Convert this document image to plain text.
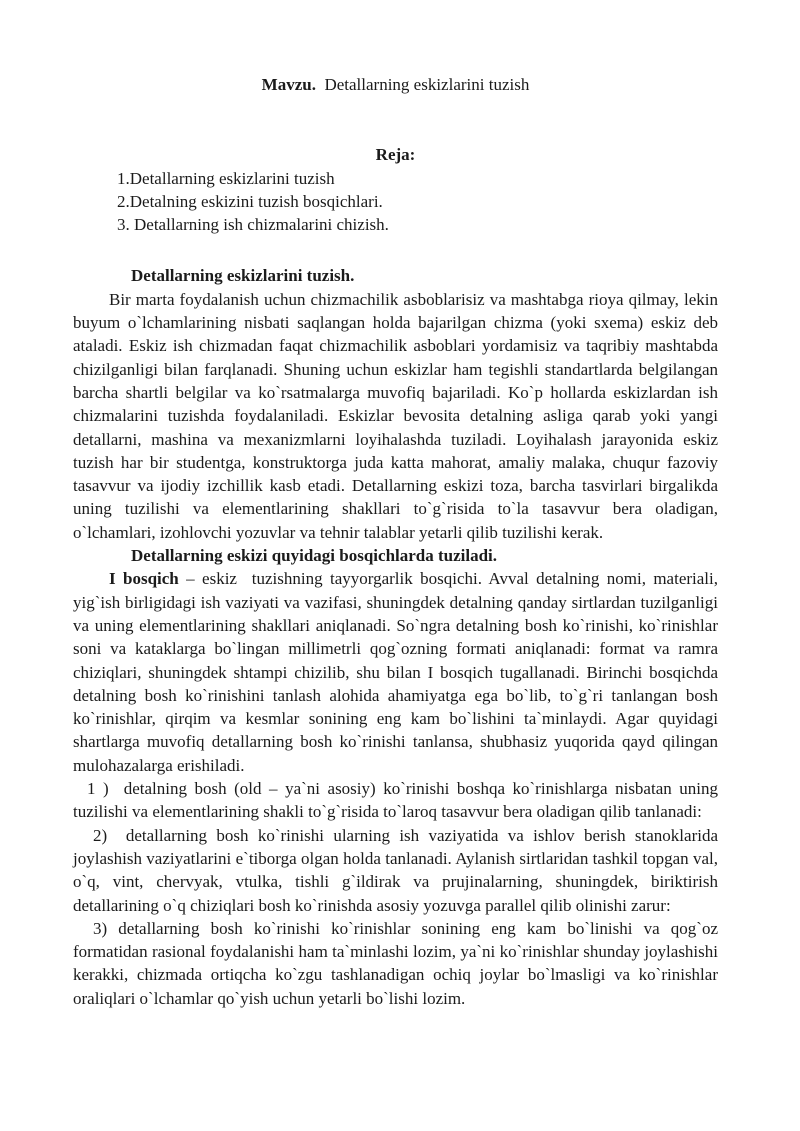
Mavzu.  Detallarning eskizlarini tuzish

Reja:

1.Detallarning eskizlarini tuzish

2.Detalning eskizini tuzish bosqichlari.

3. Detallarning ish chizmalarini chizish.

Detallarning eskizlarini tuzish.

Bir marta foydalanish uchun chizmachilik asboblarisiz va mashtabga rioya qilmay, lekin buyum o`lchamlarining nisbati saqlangan holda bajarilgan chizma (yoki sxema) eskiz deb ataladi. Eskiz ish chizmadan faqat chizmachilik asboblari yordamisiz va taqribiy mashtabda chizilganligi bilan farqlanadi. Shuning uchun eskizlar ham tegishli standartlarda belgilangan barcha shartli belgilar va ko`rsatmalarga muvofiq bajariladi. Ko`p hollarda eskizlardan ish chizmalarini tuzishda foydalaniladi. Eskizlar bevosita detalning asliga qarab yoki yangi detallarni, mashina va mexanizmlarni loyihalashda tuziladi. Loyihalash jarayonida eskiz tuzish har bir studentga, konstruktorga juda katta mahorat, amaliy malaka, chuqur fazoviy tasavvur va ijodiy izchillik kasb etadi. Detallarning eskizi toza, barcha tasvirlari birgalikda uning tuzilishi va elementlarining shakllari to`g`risida to`la tasavvur bera oladigan, o`lchamlari, izohlovchi yozuvlar va tehnir talablar yetarli qilib tuzilishi kerak.

Detallarning eskizi quyidagi bosqichlarda tuziladi.

I bosqich – eskiz  tuzishning tayyorgarlik bosqichi. Avval detalning nomi, materiali, yig`ish birligidagi ish vaziyati va vazifasi, shuningdek detalning qanday sirtlardan tuzilganligi va uning elementlarining shakllari aniqlanadi. So`ngra detalning bosh ko`rinishi, ko`rinishlar soni va kataklarga bo`lingan millimetrli qog`ozning formati aniqlanadi: format va ramra chiziqlari, shuningdek shtampi chizilib, shu bilan I bosqich tugallanadi. Birinchi bosqichda detalning bosh ko`rinishini tanlash alohida ahamiyatga ega bo`lib, to`g`ri tanlangan bosh ko`rinishlar, qirqim va kesmlar sonining eng kam bo`lishini ta`minlaydi. Agar quyidagi shartlarga muvofiq detallarning bosh ko`rinishi tanlansa, shubhasiz yuqorida qayd qilingan mulohazalarga erishiladi.

1 )  detalning bosh (old – ya`ni asosiy) ko`rinishi boshqa ko`rinishlarga nisbatan uning tuzilishi va elementlarining shakli to`g`risida to`laroq tasavvur bera oladigan qilib tanlanadi:

2)  detallarning bosh ko`rinishi ularning ish vaziyatida va ishlov berish stanoklarida joylashish vaziyatlarini e`tiborga olgan holda tanlanadi. Aylanish sirtlaridan tashkil topgan val, o`q, vint, chervyak, vtulka, tishli g`ildirak va prujinalarning, shuningdek, biriktirish detallarining o`q chiziqlari bosh ko`rinishda asosiy yozuvga parallel qilib olinishi zarur:

3) detallarning bosh ko`rinishi ko`rinishlar sonining eng kam bo`linishi va qog`oz formatidan rasional foydalanishi ham ta`minlashi lozim, ya`ni ko`rinishlar shunday joylashishi kerakki, chizmada ortiqcha ko`zgu tashlanadigan ochiq joylar bo`lmasligi va ko`rinishlar oraliqlari o`lchamlar qo`yish uchun yetarli bo`lishi lozim.
